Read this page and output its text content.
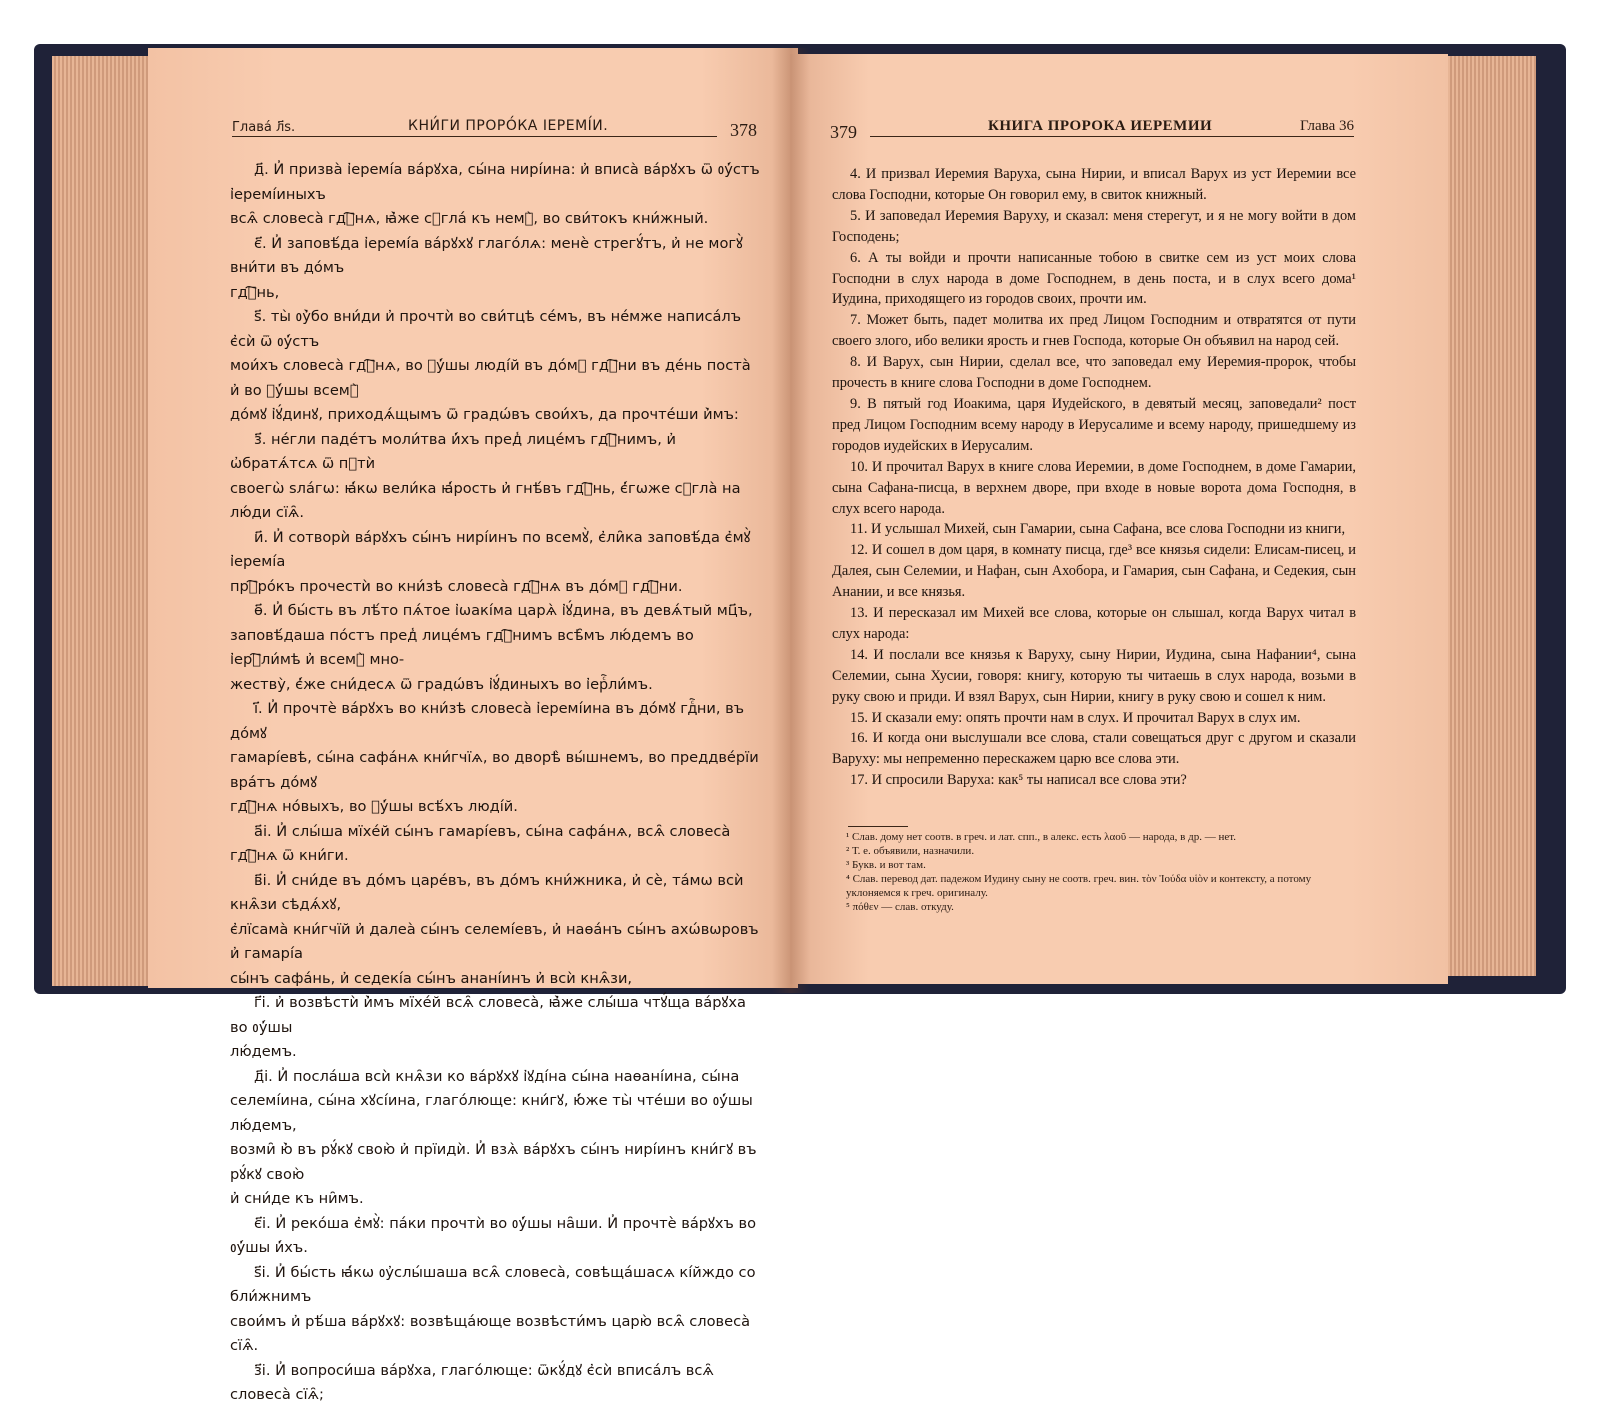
Глава́ л҃ѕ.	КНИ́ГИ ПРОРО́КА ІЕРЕМІ́И.	378	379	КНИГА ПРОРОКА ИЕРЕМИИ	Глава 36

д҃. И҆ призва̀ і҆еремі́а ва́рꙋха, сы́на нирі́ина: и҆ вписа̀ ва́рꙋхъ ѿ ᲂу҆́стъ і҆еремі́иныхъ

всѧ̑ словеса̀ гдⷭ҇нѧ, ꙗ҆̀же сꙋгла́ къ немꙋ̀, во сви́токъ кни́жный.

є҃. И҆ заповѣ́да і҆еремі́а ва́рꙋхꙋ глаго́лѧ: менѐ стрегꙋ́тъ, и҆ не могꙋ̀ вни́ти въ до́мъ

гдⷭ҇нь,

ѕ҃. ты̀ ᲂу҆̀бо вни́ди и҆ прочтѝ во сви́тцѣ се́мъ, въ не́мже написа́лъ є҆сѝ ѿ ᲂу҆́стъ

мои́хъ словеса̀ гдⷭ҇нѧ, во ᲂу҆́шы люді́й въ до́мꙋ гдⷭ҇ни въ де́нь поста̀ и҆ во ᲂу҆́шы всемꙋ̀

до́мꙋ і҆ꙋ́динꙋ, приходѧ́щымъ ѿ градѡ́въ свои́хъ, да прочте́ши и҆̀мъ:

з҃. не́гли паде́тъ моли́тва и҆́хъ пред̾ лице́мъ гдⷭ҇нимъ, и҆ ѡ҆братѧ́тсѧ ѿ пꙋтѝ

своегѡ̀ ѕла́гѡ: ꙗ҆́кѡ вели́ка ꙗ҆́рость и҆ гнѣ́въ гдⷭ҇нь, є҆́гѡже сꙋгла̀ на лю́ди сїѧ̑.

и҃. И҆ сотворѝ ва́рꙋхъ сы́нъ нирі́инъ по всемꙋ̀, є҆ли̑ка заповѣ́да є҆мꙋ̀ і҆еремі́а

прⷪ҇ро́къ прочестѝ во кни́зѣ словеса̀ гдⷭ҇нѧ въ до́мꙋ гдⷭ҇ни.

ѳ҃. И҆ бы́сть въ лѣ́то пѧ́тое і҆ѡакі́ма царѧ̀ і҆ꙋ́дина, въ девѧ́тый мц҃ъ,

заповѣ́даша по́стъ пред̾ лице́мъ гдⷭ҇нимъ всѣ̑мъ лю́демъ во і҆ерⷭ҇ли́мѣ и҆ всемꙋ̀ мно-

жеству̀, є҆́же сни́десѧ ѿ градѡ́въ і҆ꙋ́диныхъ во і҆ерⷭ҇ли́мъ.

і҃. И҆ прочтѐ ва́рꙋхъ во кни́зѣ словеса̀ і҆еремі́ина въ до́мꙋ гдⷭ҇ни, въ до́мꙋ

гамарі́евѣ, сы́на сафа́нѧ кни́гчїѧ, во дворѣ̀ вы́шнемъ, во преддве́рїи вра́тъ до́мꙋ

гдⷭ҇нѧ но́выхъ, во ᲂу҆́шы всѣ́хъ люді́й.

а҃і. И҆ слы́ша мїхе́й сы́нъ гамарі́евъ, сы́на сафа́нѧ, всѧ̑ словеса̀ гдⷭ҇нѧ ѿ кни́ги.

в҃і. И҆ сни́де въ до́мъ царе́въ, въ до́мъ кни́жника, и҆ сѐ, та́мѡ всѝ кнѧ̑зи сѣдѧ́хꙋ,

є҆лїсама̀ кни́гчїй и҆ далеа̀ сы́нъ селемі́евъ, и҆ наѳа́нъ сы́нъ ахѡ́вѡровъ и҆ гамарі́а

сы́нъ сафа́нь, и҆ седекі́а сы́нъ анані́инъ и҆ всѝ кнѧ̑зи,

г҃і. и҆ возвѣстѝ и҆̀мъ мїхе́й всѧ̑ словеса̀, ꙗ҆̀же слы́ша чтꙋ́ща ва́рꙋха во ᲂу҆́шы

лю́демъ.

д҃і. И҆ посла́ша всѝ кнѧ̑зи ко ва́рꙋхꙋ і҆ꙋді́на сы́на наѳані́ина, сы́на

селемі́ина, сы́на хꙋсі́ина, глаго́люще: кни́гꙋ, ю҆́же ты̀ чте́ши во ᲂу҆́шы лю́демъ,

возми̑ ю҆̀ въ рꙋ́кꙋ свою̀ и҆ прїидѝ. И҆ взѧ̀ ва́рꙋхъ сы́нъ нирі́инъ кни́гꙋ въ рꙋ́кꙋ свою̀

и҆ сни́де къ ни̑мъ.

є҃і. И҆ реко́ша є҆мꙋ̀: па́ки прочтѝ во ᲂу҆́шы на̑ши. И҆ прочтѐ ва́рꙋхъ во ᲂу҆́шы и҆́хъ.

ѕ҃і. И҆ бы́сть ꙗ҆́кѡ ᲂу҆слы́шаша всѧ̑ словеса̀, совѣща́шасѧ кі́йждо со бли́жнимъ

свои́мъ и҆ рѣ́ша ва́рꙋхꙋ: возвѣща́юще возвѣсти́мъ царю̀ всѧ̑ словеса̀ сїѧ̑.

з҃і. И҆ вопроси́ша ва́рꙋха, глаго́люще: ѿкꙋ́дꙋ є҆сѝ вписа́лъ всѧ̑ словеса̀ сїѧ̑;

4. И призвал Иеремия Варуха, сына Нирии, и вписал Варух из уст Иеремии все слова Господни, которые Он говорил ему, в свиток книжный.

5. И заповедал Иеремия Варуху, и сказал: меня стерегут, и я не могу войти в дом Господень;

6. А ты войди и прочти написанные тобою в свитке сем из уст моих слова Господни в слух народа в доме Господнем, в день поста, и в слух всего дома¹ Иудина, приходящего из городов своих, прочти им.

7. Может быть, падет молитва их пред Лицом Господним и отвратятся от пути своего злого, ибо велики ярость и гнев Господа, которые Он объявил на народ сей.

8. И Варух, сын Нирии, сделал все, что заповедал ему Иеремия-пророк, чтобы прочесть в книге слова Господни в доме Господнем.

9. В пятый год Иоакима, царя Иудейского, в девятый месяц, заповедали² пост пред Лицом Господним всему народу в Иерусалиме и всему народу, пришедшему из городов иудейских в Иерусалим.

10. И прочитал Варух в книге слова Иеремии, в доме Господнем, в доме Гамарии, сына Сафана-писца, в верхнем дворе, при входе в новые ворота дома Господня, в слух всего народа.

11. И услышал Михей, сын Гамарии, сына Сафана, все слова Господни из книги,

12. И сошел в дом царя, в комнату писца, где³ все князья сидели: Елисам-писец, и Далея, сын Селемии, и Нафан, сын Ахобора, и Гамария, сын Сафана, и Седекия, сын Анании, и все князья.

13. И пересказал им Михей все слова, которые он слышал, когда Варух читал в слух народа:

14. И послали все князья к Варуху, сыну Нирии, Иудина, сына Нафании⁴, сына Селемии, сына Хусии, говоря: книгу, которую ты читаешь в слух народа, возьми в руку свою и приди. И взял Варух, сын Нирии, книгу в руку свою и сошел к ним.

15. И сказали ему: опять прочти нам в слух. И прочитал Варух в слух им.

16. И когда они выслушали все слова, стали совещаться друг с другом и сказали Варуху: мы непременно перескажем царю все слова эти.

17. И спросили Варуха: как⁵ ты написал все слова эти?

¹ Слав. дому нет соотв. в греч. и лат. спп., в алекс. есть λαοῦ — народа, в др. — нет.

² Т. е. объявили, назначили.

³ Букв. и вот там.

⁴ Слав. перевод дат. падежом Иудину сыну не соотв. греч. вин. τὸν Ἰούδα υἱὸν и контексту, а потому уклоняемся к греч. оригиналу.

⁵ πόθεν — слав. откуду.
